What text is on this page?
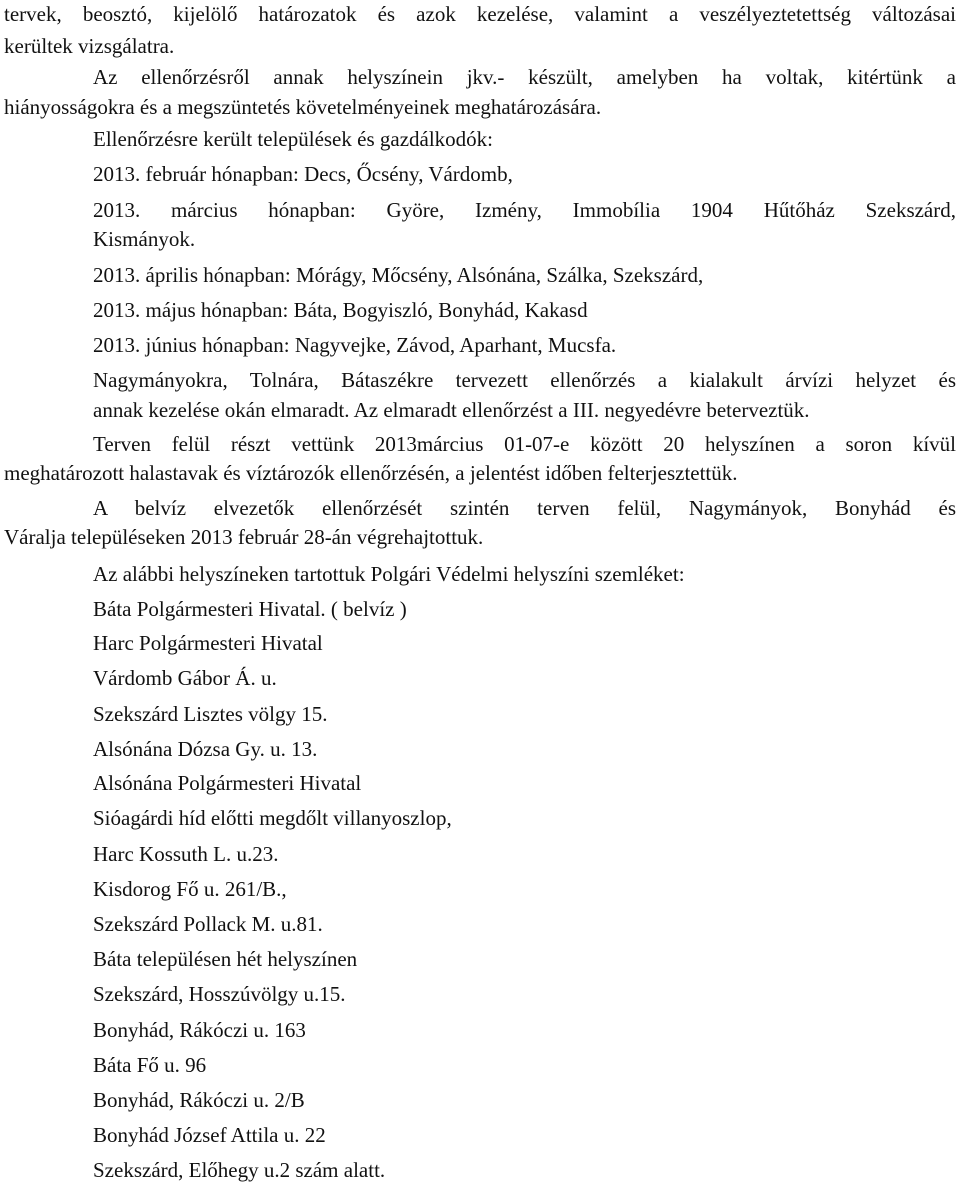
tervek, beosztó, kijelölő határozatok és azok kezelése, valamint a veszélyeztetettség változásai
kerültek vizsgálatra.
Az ellenőrzésről annak helyszínein jkv.- készült, amelyben ha voltak, kitértünk a
hiányosságokra és a megszüntetés követelményeinek meghatározására.
Ellenőrzésre került települések és gazdálkodók:
2013. február hónapban: Decs, Őcsény, Várdomb,
2013. március hónapban: Györe, Izmény, Immobília 1904 Hűtőház Szekszárd,
Kismányok.
2013. április hónapban: Mórágy, Mőcsény, Alsónána, Szálka, Szekszárd,
2013. május hónapban: Báta, Bogyiszló, Bonyhád, Kakasd
2013. június hónapban: Nagyvejke, Závod, Aparhant, Mucsfa.
Nagymányokra, Tolnára, Bátaszékre tervezett ellenőrzés a kialakult árvízi helyzet és
annak kezelése okán elmaradt. Az elmaradt ellenőrzést a III. negyedévre beterveztük.
Terven felül részt vettünk 2013március 01-07-e között 20 helyszínen a soron kívül
meghatározott halastavak és víztározók ellenőrzésén, a jelentést időben felterjesztettük.
A belvíz elvezetők ellenőrzését szintén terven felül, Nagymányok, Bonyhád és
Váralja településeken 2013 február 28-án végrehajtottuk.
Az alábbi helyszíneken tartottuk Polgári Védelmi helyszíni szemléket:
Báta Polgármesteri Hivatal. ( belvíz )
Harc Polgármesteri Hivatal
Várdomb Gábor Á. u.
Szekszárd Lisztes völgy 15.
Alsónána Dózsa Gy. u. 13.
Alsónána Polgármesteri Hivatal
Sióagárdi híd előtti megdőlt villanyoszlop,
Harc Kossuth L. u.23.
Kisdorog Fő u. 261/B.,
Szekszárd Pollack M. u.81.
Báta településen hét helyszínen
Szekszárd, Hosszúvölgy u.15.
Bonyhád, Rákóczi u. 163
Báta Fő u. 96
Bonyhád, Rákóczi u. 2/B
Bonyhád József Attila u. 22
Szekszárd, Előhegy u.2 szám alatt.
